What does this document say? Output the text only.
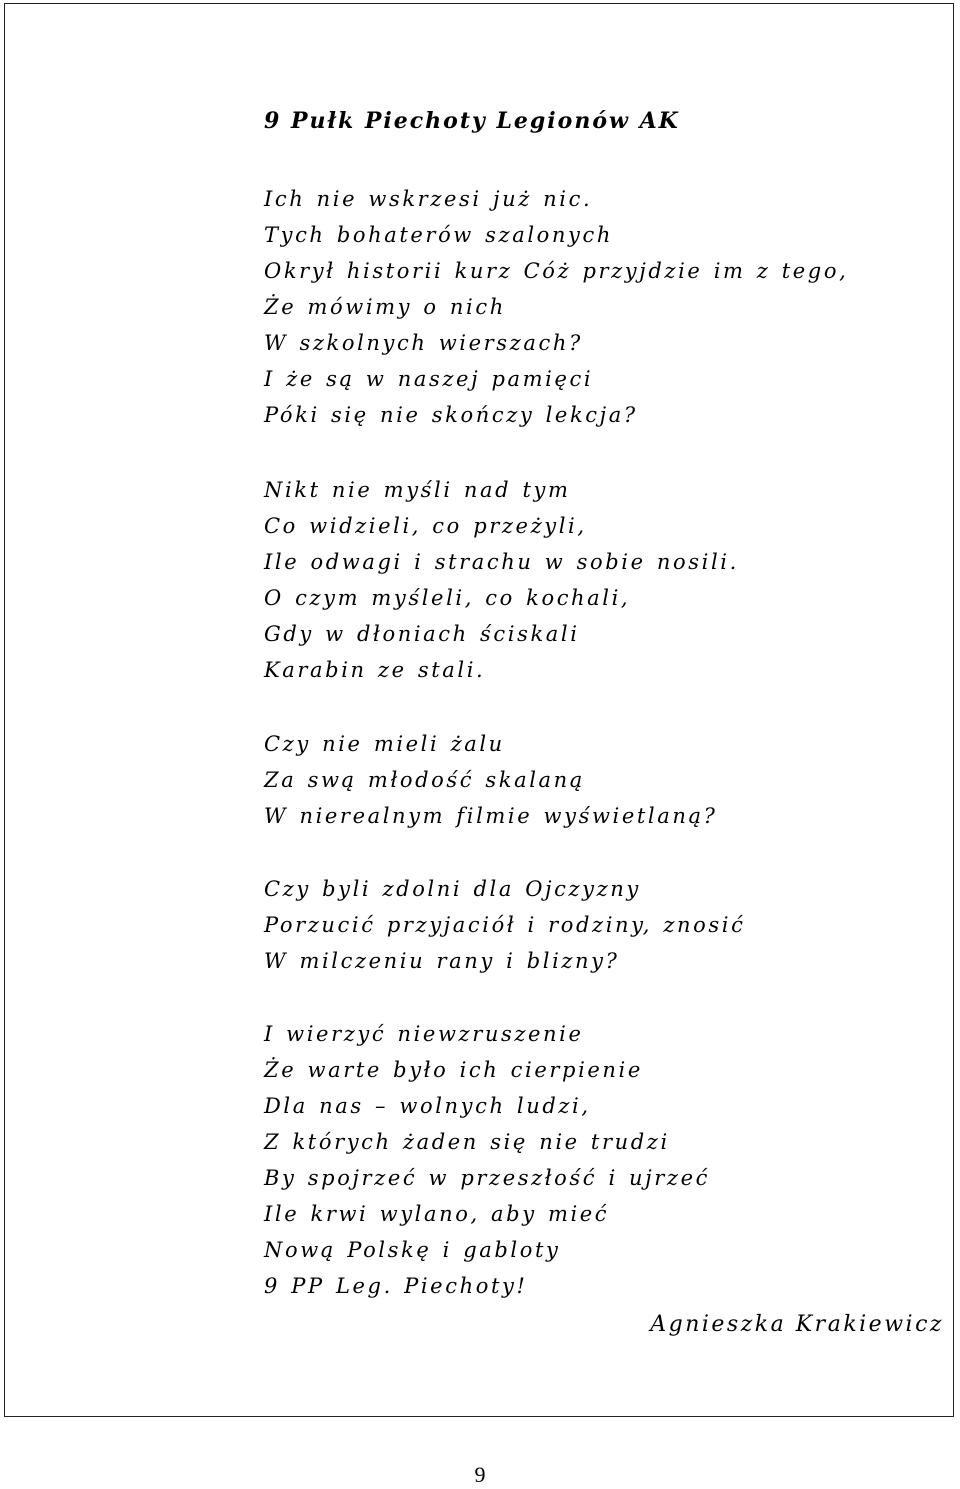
9 Pułk Piechoty Legionów AK
Ich nie wskrzesi już nic.
Tych bohaterów szalonych
Okrył historii kurz Cóż przyjdzie im z tego,
Że mówimy o nich
W szkolnych wierszach?
I że są w naszej pamięci
Póki się nie skończy lekcja?
Nikt nie myśli nad tym
Co widzieli, co przeżyli,
Ile odwagi i strachu w sobie nosili.
O czym myśleli, co kochali,
Gdy w dłoniach ściskali
Karabin ze stali.
Czy nie mieli żalu
Za swą młodość skalaną
W nierealnym filmie wyświetlaną?
Czy byli zdolni dla Ojczyzny
Porzucić przyjaciół i rodziny, znosić
W milczeniu rany i blizny?
I wierzyć niewzruszenie
Że warte było ich cierpienie
Dla nas – wolnych ludzi,
Z których żaden się nie trudzi
By spojrzeć w przeszłość i ujrzeć
Ile krwi wylano, aby mieć
Nową Polskę i gabloty
9 PP Leg. Piechoty!
Agnieszka Krakiewicz
9
